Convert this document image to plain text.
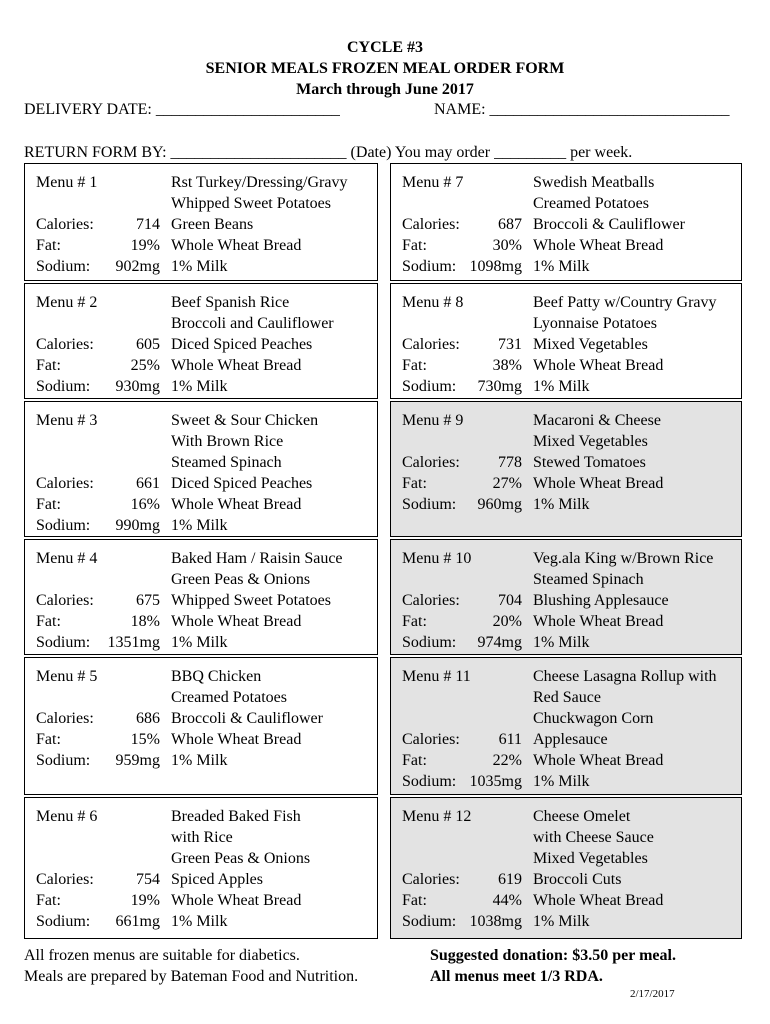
CYCLE #3
SENIOR MEALS FROZEN MEAL ORDER FORM
March through June 2017
DELIVERY DATE: _______________________	NAME: ______________________________
RETURN FORM BY: ______________________ (Date) You may order _________ per week.
Menu # 1
Calories:	714
Fat:	19%
Sodium: 902mg
Rst Turkey/Dressing/Gravy
Whipped Sweet Potatoes
Green Beans
Whole Wheat Bread
1% Milk
Menu # 2
Calories:	605
Fat:	25%
Sodium: 930mg
Beef Spanish Rice
Broccoli and Cauliflower
Diced Spiced Peaches
Whole Wheat Bread
1% Milk
Menu # 3
Calories:	661
Fat:	16%
Sodium: 990mg
Sweet & Sour Chicken
With Brown Rice
Steamed Spinach
Diced Spiced Peaches
Whole Wheat Bread
1% Milk
Menu # 4
Calories:	675
Fat:	18%
Sodium: 1351mg
Baked Ham / Raisin Sauce
Green Peas & Onions
Whipped Sweet Potatoes
Whole Wheat Bread
1% Milk
Menu # 5
Calories:	686
Fat:	15%
Sodium: 959mg
BBQ Chicken
Creamed Potatoes
Broccoli & Cauliflower
Whole Wheat Bread
1% Milk
Menu # 6
Calories:	754
Fat:	19%
Sodium: 661mg
Breaded Baked Fish
with Rice
Green Peas & Onions
Spiced Apples
Whole Wheat Bread
1% Milk
Menu # 7
Calories: 687
Fat:	30%
Sodium: 1098mg
Swedish Meatballs
Creamed Potatoes
Broccoli & Cauliflower
Whole Wheat Bread
1% Milk
Menu # 8
Calories: 731
Fat:	38%
Sodium: 730mg
Beef Patty w/Country Gravy
Lyonnaise Potatoes
Mixed Vegetables
Whole Wheat Bread
1% Milk
Menu # 9
Calories: 778
Fat:	27%
Sodium: 960mg
Macaroni & Cheese
Mixed Vegetables
Stewed Tomatoes
Whole Wheat Bread
1% Milk
Menu # 10
Calories: 704
Fat:	20%
Sodium: 974mg
Veg.ala King w/Brown Rice
Steamed Spinach
Blushing Applesauce
Whole Wheat Bread
1% Milk
Menu # 11
Calories: 611
Fat:	22%
Sodium: 1035mg
Cheese Lasagna Rollup with
Red Sauce
Chuckwagon Corn
Applesauce
Whole Wheat Bread
1% Milk
Menu # 12
Calories: 619
Fat:	44%
Sodium: 1038mg
Cheese Omelet
with Cheese Sauce
Mixed Vegetables
Broccoli Cuts
Whole Wheat Bread
1% Milk
All frozen menus are suitable for diabetics.
Meals are prepared by Bateman Food and Nutrition.
Suggested donation: $3.50 per meal.
All menus meet 1/3 RDA.
2/17/2017
